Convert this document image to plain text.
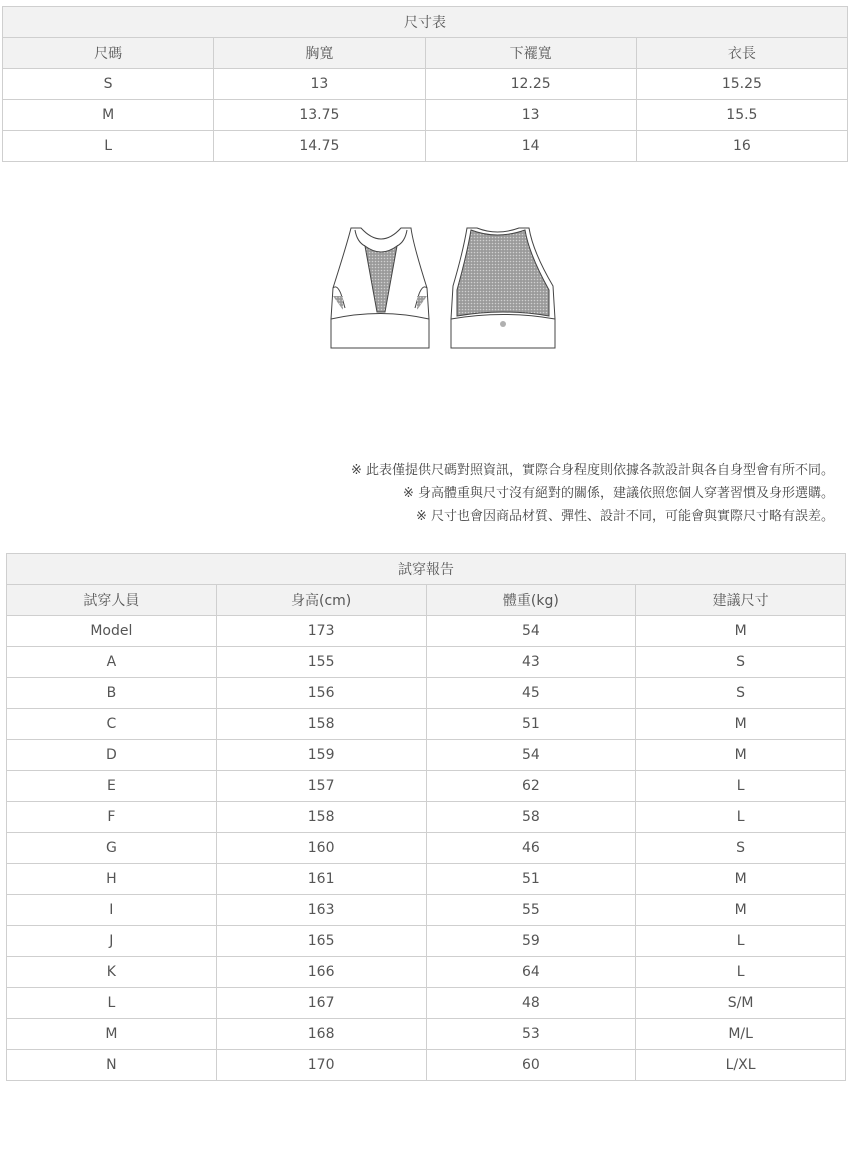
尺寸表			
尺碼	胸寬	下襬寬	衣長
S	13	12.25	15.25
M	13.75	13	15.5
L	14.75	14	16
※ 此表僅提供尺碼對照資訊，實際合身程度則依據各款設計與各自身型會有所不同。
※ 身高體重與尺寸沒有絕對的關係，建議依照您個人穿著習慣及身形選購。
※ 尺寸也會因商品材質、彈性、設計不同，可能會與實際尺寸略有誤差。
試穿報告			
試穿人員	身高(cm)	體重(kg)	建議尺寸
Model	173	54	M
A	155	43	S
B	156	45	S
C	158	51	M
D	159	54	M
E	157	62	L
F	158	58	L
G	160	46	S
H	161	51	M
I	163	55	M
J	165	59	L
K	166	64	L
L	167	48	S/M
M	168	53	M/L
N	170	60	L/XL
